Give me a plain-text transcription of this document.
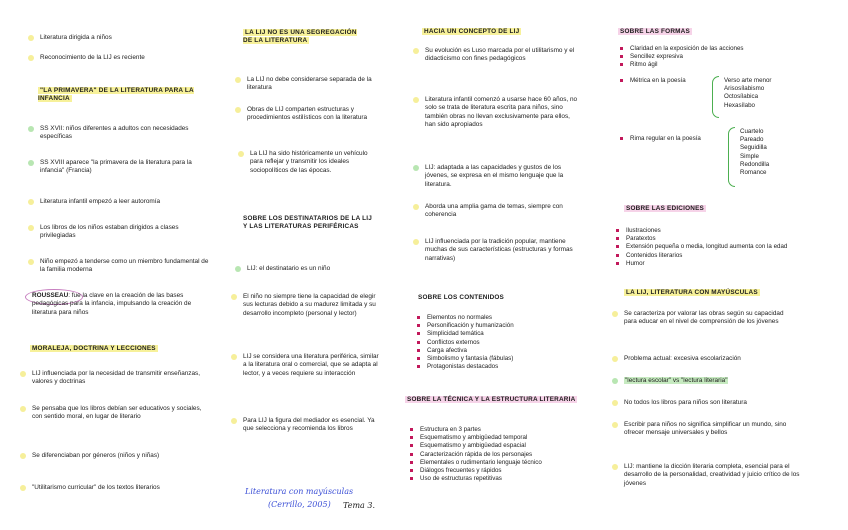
Literatura dirigida a niños
Reconocimiento de la LIJ es reciente
"LA PRIMAVERA" DE LA LITERATURA PARA LA INFANCIA
SS XVII: niños diferentes a adultos con necesidades específicas
SS XVIII aparece "la primavera de la literatura para la infancia" (Francia)
Literatura infantil empezó a leer autoromía
Los libros de los niños estaban dirigidos a clases privilegiadas
Niño empezó a tenderse como un miembro fundamental de la familia moderna
ROUSSEAU: fue la clave en la creación de las bases pedagógicas para la infancia, impulsando la creación de literatura para niños
MORALEJA, DOCTRINA Y LECCIONES
LIJ influenciada por la necesidad de transmitir enseñanzas, valores y doctrinas
Se pensaba que los libros debían ser educativos y sociales, con sentido moral, en lugar de literario
Se diferenciaban por géneros (niños y niñas)
"Utilitarismo curricular" de los textos literarios
LA LIJ NO ES UNA SEGREGACIÓN DE LA LITERATURA
La LIJ no debe considerarse separada de la literatura
Obras de LIJ comparten estructuras y procedimientos estilísticos con la literatura
La LIJ ha sido históricamente un vehículo para reflejar y transmitir los ideales sociopolíticos de las épocas.
SOBRE LOS DESTINATARIOS DE LA LIJ Y LAS LITERATURAS PERIFÉRICAS
LIJ: el destinatario es un niño
El niño no siempre tiene la capacidad de elegir sus lecturas debido a su madurez limitada y su desarrollo incompleto (personal y lector)
LIJ se considera una literatura periférica, similar a la literatura oral o comercial, que se adapta al lector, y a veces requiere su interacción
Para LIJ la figura del mediador es esencial. Ya que selecciona y recomienda los libros
Literatura con mayúsculas
(Cerrillo, 2005) Tema 3.
HACIA UN CONCEPTO DE LIJ
Su evolución es Luso marcada por el utilitarismo y el didacticismo con fines pedagógicos
Literatura infantil comenzó a usarse hace 60 años, no solo se trata de literatura escrita para niños, sino también obras no llevan exclusivamente para ellos, han sido apropiados
LIJ: adaptada a las capacidades y gustos de los jóvenes, se expresa en el mismo lenguaje que la literatura.
Aborda una amplia gama de temas, siempre con coherencia
LIJ influenciada por la tradición popular, mantiene muchas de sus características (estructuras y formas narrativas)
SOBRE LOS CONTENIDOS
Elementos no normales
Personificación y humanización
Simplicidad temática
Conflictos externos
Carga afectiva
Simbolismo y fantasía (fábulas)
Protagonistas destacados
SOBRE LA TÉCNICA Y LA ESTRUCTURA LITERARIA
Estructura en 3 partes
Esquematismo y ambigüedad temporal
Esquematismo y ambigüedad espacial
Caracterización rápida de los personajes
Elementales o rudimentario lenguaje técnico
Diálogos frecuentes y rápidos
Uso de estructuras repetitivas
SOBRE LAS FORMAS
Claridad en la exposición de las acciones
Sencillez expresiva
Ritmo ágil
Métrica en la poesía	Verso arte menor
Arisosílabismo
Octosílabica
Hexasílabo
Rima regular en la poesía
Cuartelo
Pareado
Seguidilla
Simple
Redondilla
Romance
SOBRE LAS EDICIONES
Ilustraciones
Paratextos
Extensión pequeña o media, longitud aumenta con la edad
Contenidos literarios
Humor
LA LIJ, LITERATURA CON MAYÚSCULAS
Se caracteriza por valorar las obras según su capacidad para educar en el nivel de comprensión de los jóvenes
Problema actual: excesiva escolarización
"lectura escolar" vs "lectura literaria"
No todos los libros para niños son literatura
Escribir para niños no significa simplificar un mundo, sino ofrecer mensaje universales y bellos
LIJ: mantiene la dicción literaria completa, esencial para el desarrollo de la personalidad, creatividad y juicio crítico de los jóvenes
